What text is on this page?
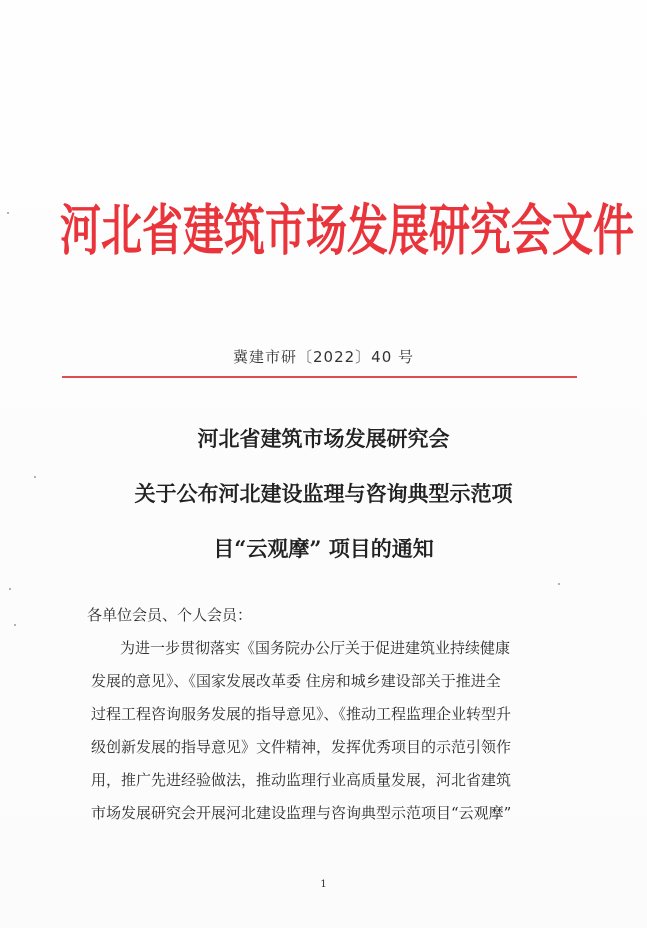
河北省建筑市场发展研究会文件
冀建市研〔2022〕40 号
河北省建筑市场发展研究会
关于公布河北建设监理与咨询典型示范项
目“云观摩” 项目的通知
各单位会员、个人会员：
为进一步贯彻落实《国务院办公厅关于促进建筑业持续健康
发展的意见》、《国家发展改革委 住房和城乡建设部关于推进全
过程工程咨询服务发展的指导意见》、《推动工程监理企业转型升
级创新发展的指导意见》文件精神，发挥优秀项目的示范引领作
用，推广先进经验做法，推动监理行业高质量发展，河北省建筑
市场发展研究会开展河北建设监理与咨询典型示范项目“云观摩”
1
